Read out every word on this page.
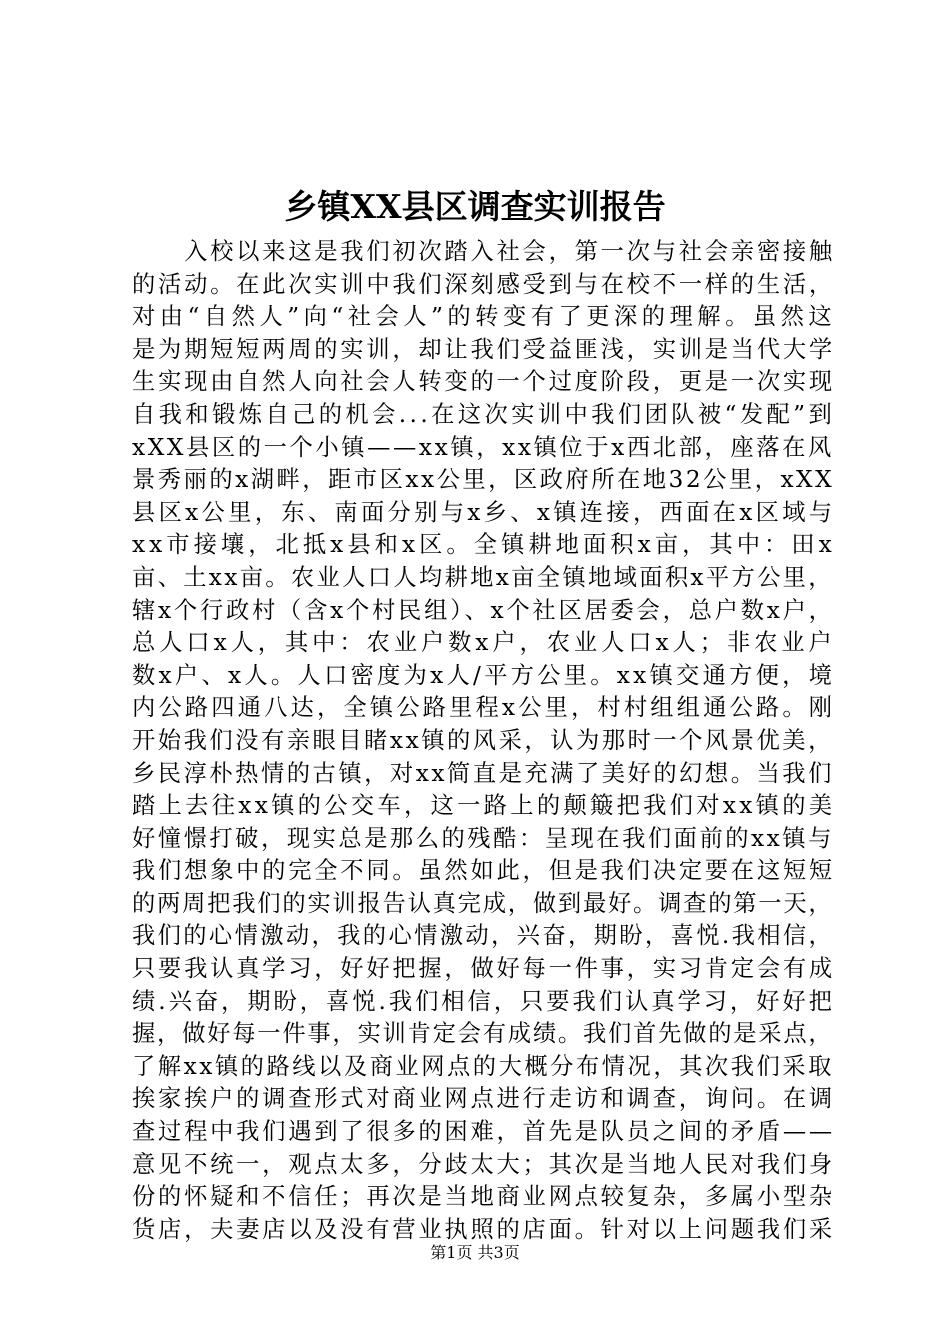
乡镇XX县区调查实训报告
　　入校以来这是我们初次踏入社会，第一次与社会亲密接触
的活动。在此次实训中我们深刻感受到与在校不一样的生活，
对由“自然人”向“社会人”的转变有了更深的理解。虽然这
是为期短短两周的实训，却让我们受益匪浅，实训是当代大学
生实现由自然人向社会人转变的一个过度阶段，更是一次实现
自我和锻炼自己的机会...在这次实训中我们团队被“发配”到
xXX县区的一个小镇——xx镇，xx镇位于x西北部，座落在风
景秀丽的x湖畔，距市区xx公里，区政府所在地32公里，xXX
县区x公里，东、南面分别与x乡、x镇连接，西面在x区域与
xx市接壤，北抵x县和x区。全镇耕地面积x亩，其中：田x
亩、土xx亩。农业人口人均耕地x亩全镇地域面积x平方公里，
辖x个行政村（含x个村民组）、x个社区居委会，总户数x户，
总人口x人，其中：农业户数x户，农业人口x人；非农业户
数x户、x人。人口密度为x人/平方公里。xx镇交通方便，境
内公路四通八达，全镇公路里程x公里，村村组组通公路。刚
开始我们没有亲眼目睹xx镇的风采，认为那时一个风景优美，
乡民淳朴热情的古镇，对xx简直是充满了美好的幻想。当我们
踏上去往xx镇的公交车，这一路上的颠簸把我们对xx镇的美
好憧憬打破，现实总是那么的残酷：呈现在我们面前的xx镇与
我们想象中的完全不同。虽然如此，但是我们决定要在这短短
的两周把我们的实训报告认真完成，做到最好。调查的第一天，
我们的心情激动，我的心情激动，兴奋，期盼，喜悦.我相信，
只要我认真学习，好好把握，做好每一件事，实习肯定会有成
绩.兴奋，期盼，喜悦.我们相信，只要我们认真学习，好好把
握，做好每一件事，实训肯定会有成绩。我们首先做的是采点，
了解xx镇的路线以及商业网点的大概分布情况，其次我们采取
挨家挨户的调查形式对商业网点进行走访和调查，询问。在调
查过程中我们遇到了很多的困难，首先是队员之间的矛盾——
意见不统一，观点太多，分歧太大；其次是当地人民对我们身
份的怀疑和不信任；再次是当地商业网点较复杂，多属小型杂
货店，夫妻店以及没有营业执照的店面。针对以上问题我们采
第1页 共3页
